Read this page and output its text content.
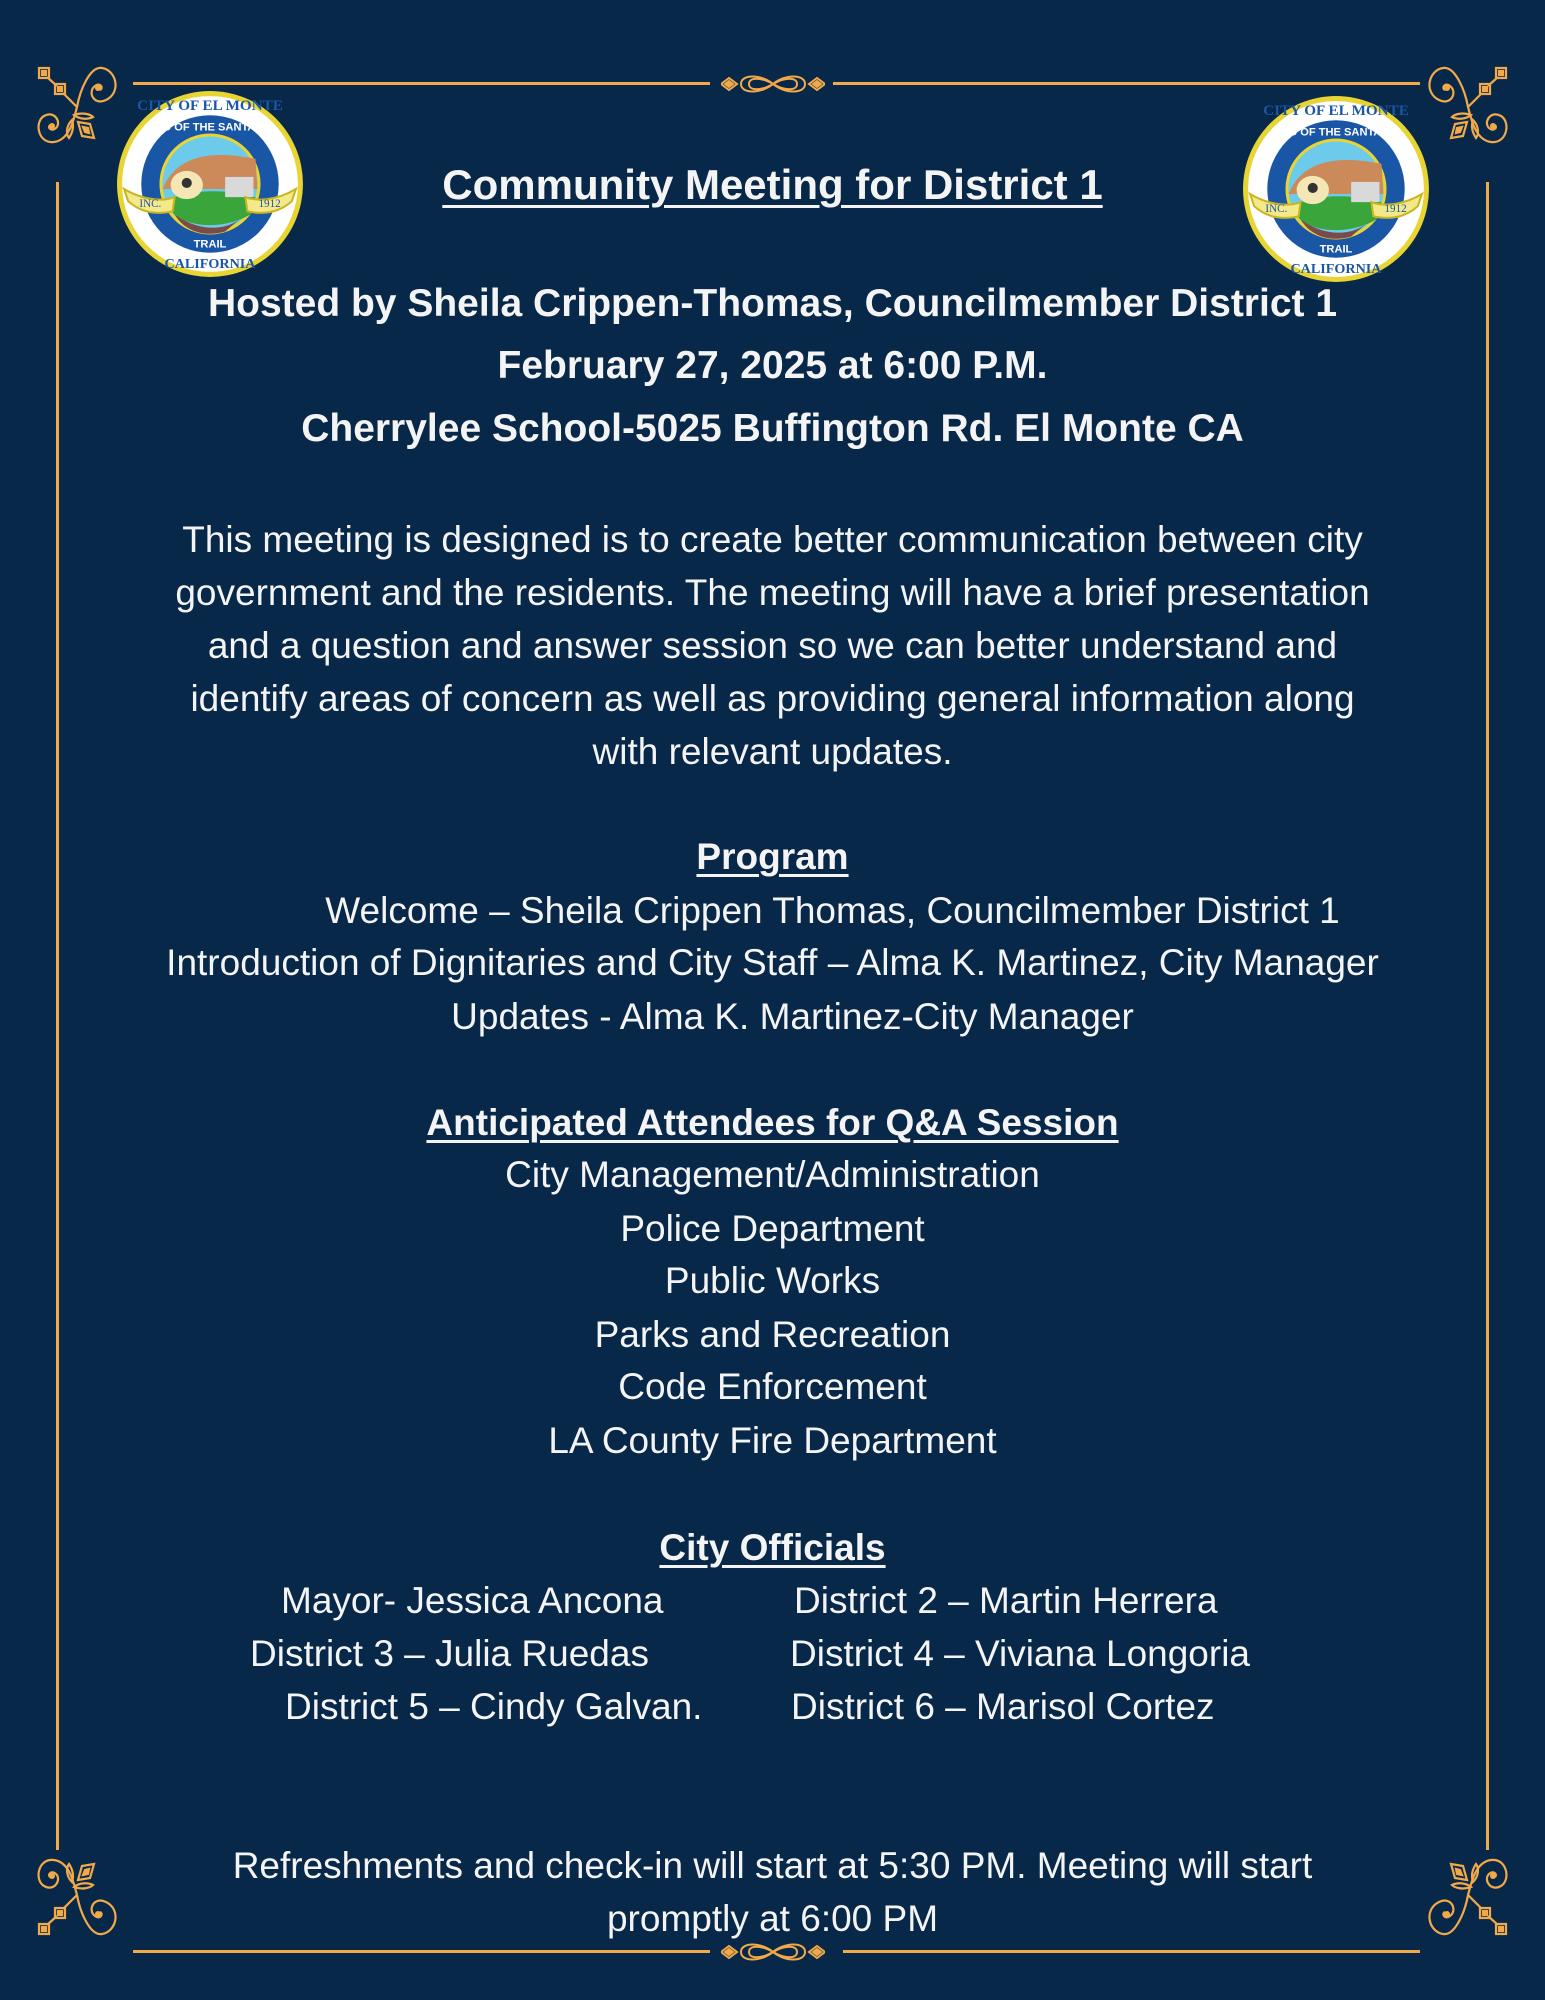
Community Meeting for District 1
Hosted by Sheila Crippen-Thomas, Councilmember District 1
February 27, 2025 at 6:00 P.M.
Cherrylee School-5025 Buffington Rd. El Monte CA
This meeting is designed is to create better communication between city
government and the residents. The meeting will have a brief presentation
and a question and answer session so we can better understand and
identify areas of concern as well as providing general information along
with relevant updates.
Program
Welcome – Sheila Crippen Thomas, Councilmember District 1
Introduction of Dignitaries and City Staff – Alma K. Martinez, City Manager
Updates - Alma K. Martinez-City Manager
Anticipated Attendees for Q&A Session
City Management/Administration
Police Department
Public Works
Parks and Recreation
Code Enforcement
LA County Fire Department
City Officials
Mayor- Jessica Ancona
District 3 – Julia Ruedas
District 5 – Cindy Galvan.
District 2 – Martin Herrera
District 4 – Viviana Longoria
District 6 – Marisol Cortez
Refreshments and check-in will start at 5:30 PM. Meeting will start
promptly at 6:00 PM
